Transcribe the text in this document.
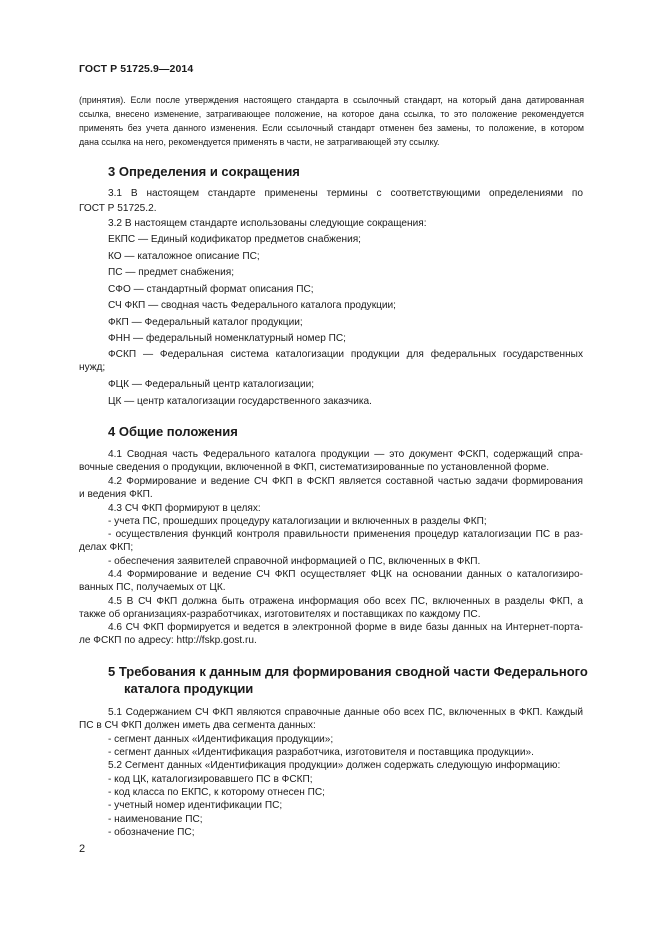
ГОСТ Р 51725.9—2014
(принятия). Если после утверждения настоящего стандарта в ссылочный стандарт, на который дана датированная
ссылка, внесено изменение, затрагивающее положение, на которое дана ссылка, то это положение рекомендуется
применять без учета данного изменения. Если ссылочный стандарт отменен без замены, то положение, в котором
дана ссылка на него, рекомендуется применять в части, не затрагивающей эту ссылку.
3 Определения и сокращения
3.1 В настоящем стандарте применены термины с соответствующими определениями по
ГОСТ Р 51725.2.
3.2 В настоящем стандарте использованы следующие сокращения:
ЕКПС — Единый кодификатор предметов снабжения;
КО — каталожное описание ПС;
ПС — предмет снабжения;
СФО — стандартный формат описания ПС;
СЧ ФКП — сводная часть Федерального каталога продукции;
ФКП — Федеральный каталог продукции;
ФНН — федеральный номенклатурный номер ПС;
ФСКП — Федеральная система каталогизации продукции для федеральных государственных
нужд;
ФЦК — Федеральный центр каталогизации;
ЦК — центр каталогизации государственного заказчика.
4 Общие положения
4.1 Сводная часть Федерального каталога продукции — это документ ФСКП, содержащий спра-
вочные сведения о продукции, включенной в ФКП, систематизированные по установленной форме.
4.2 Формирование и ведение СЧ ФКП в ФСКП является составной частью задачи формирования
и ведения ФКП.
4.3 СЧ ФКП формируют в целях:
- учета ПС, прошедших процедуру каталогизации и включенных в разделы ФКП;
- осуществления функций контроля правильности применения процедур каталогизации ПС в раз-
делах ФКП;
- обеспечения заявителей справочной информацией о ПС, включенных в ФКП.
4.4 Формирование и ведение СЧ ФКП осуществляет ФЦК на основании данных о каталогизиро-
ванных ПС, получаемых от ЦК.
4.5 В СЧ ФКП должна быть отражена информация обо всех ПС, включенных в разделы ФКП, а
также об организациях-разработчиках, изготовителях и поставщиках по каждому ПС.
4.6 СЧ ФКП формируется и ведется в электронной форме в виде базы данных на Интернет-порта-
ле ФСКП по адресу: http://fskp.gost.ru.
5 Требования к данным для формирования сводной части Федерального
каталога продукции
5.1 Содержанием СЧ ФКП являются справочные данные обо всех ПС, включенных в ФКП. Каждый
ПС в СЧ ФКП должен иметь два сегмента данных:
- сегмент данных «Идентификация продукции»;
- сегмент данных «Идентификация разработчика, изготовителя и поставщика продукции».
5.2 Сегмент данных «Идентификация продукции» должен содержать следующую информацию:
- код ЦК, каталогизировавшего ПС в ФСКП;
- код класса по ЕКПС, к которому отнесен ПС;
- учетный номер идентификации ПС;
- наименование ПС;
- обозначение ПС;
2
